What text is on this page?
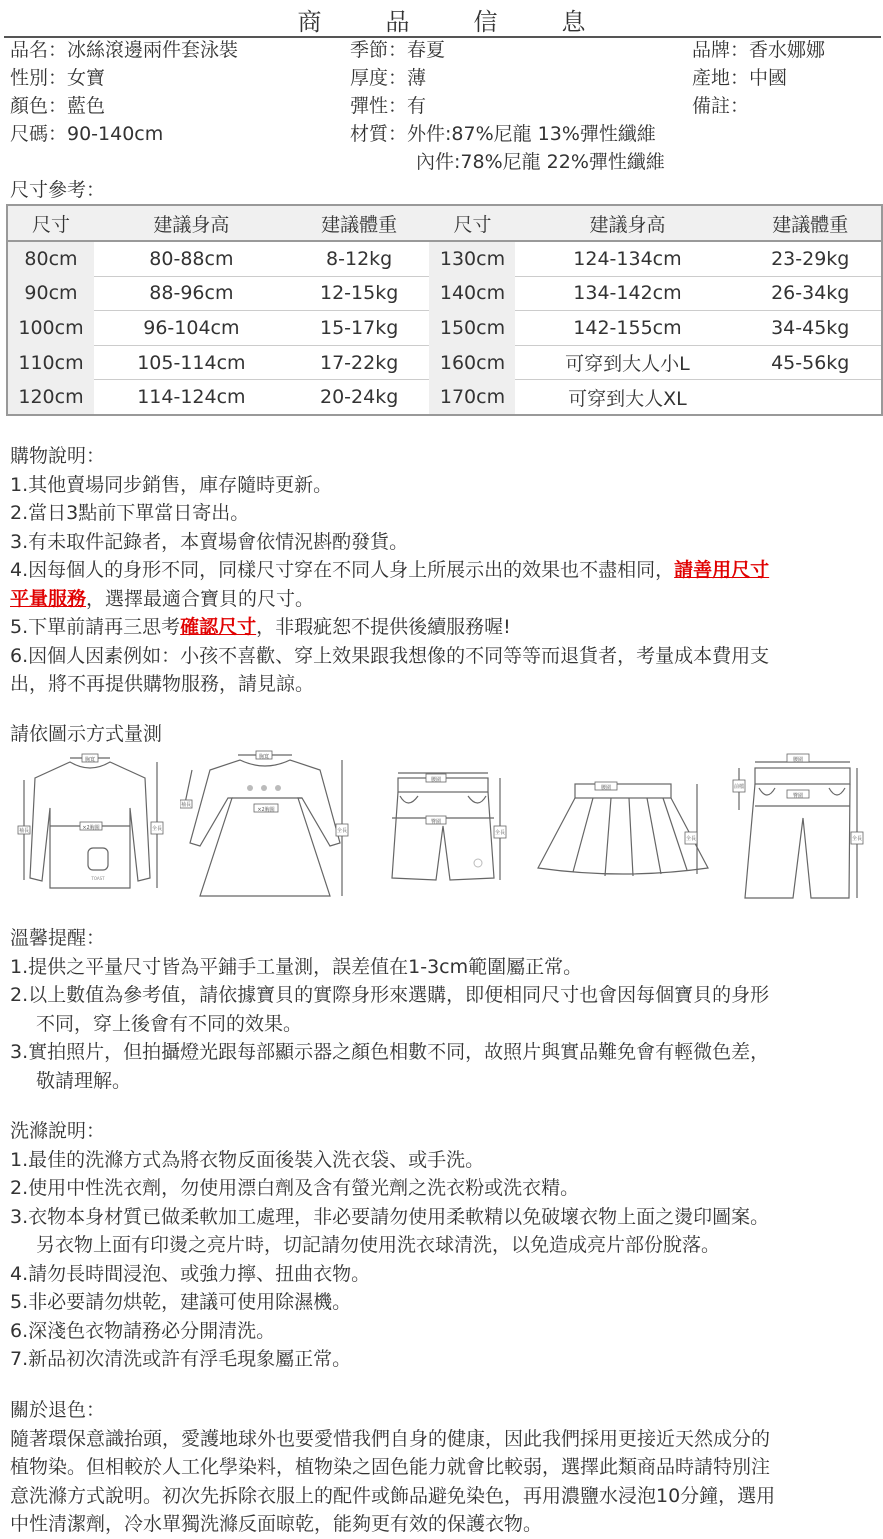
商品信息
品名：冰絲滾邊兩件套泳裝
性別：女寶
顏色：藍色
尺碼：90-140cm
季節：春夏
厚度：薄
彈性：有
材質：外件:87%尼龍 13%彈性纖維
內件:78%尼龍 22%彈性纖維
品牌：香水娜娜
產地：中國
備註：
尺寸參考：
尺寸	建議身高	建議體重	尺寸	建議身高	建議體重
80cm	80-88cm	8-12kg	130cm	124-134cm	23-29kg
90cm	88-96cm	12-15kg	140cm	134-142cm	26-34kg
100cm	96-104cm	15-17kg	150cm	142-155cm	34-45kg
110cm	105-114cm	17-22kg	160cm	可穿到大人小L	45-56kg
120cm	114-124cm	20-24kg	170cm	可穿到大人XL	
購物說明：
1.其他賣場同步銷售，庫存隨時更新。
2.當日3點前下單當日寄出。
3.有未取件記錄者，本賣場會依情況斟酌發貨。
4.因每個人的身形不同，同樣尺寸穿在不同人身上所展示出的效果也不盡相同，請善用尺寸
平量服務，選擇最適合寶貝的尺寸。
5.下單前請再三思考確認尺寸，非瑕疵恕不提供後續服務喔!
6.因個人因素例如：小孩不喜歡、穿上效果跟我想像的不同等等而退貨者，考量成本費用支
出，將不再提供購物服務，請見諒。
請依圖示方式量測
胸寬
×2胸圍
袖長	全長
TOAST
胸寬
×2胸圍
袖長
全長
腰圍
臀圍
全長
腰圍
全長
腰圍
臀圍
前檔
全長
溫馨提醒：
1.提供之平量尺寸皆為平鋪手工量測，誤差值在1-3cm範圍屬正常。
2.以上數值為參考值，請依據寶貝的實際身形來選購，即便相同尺寸也會因每個寶貝的身形
不同，穿上後會有不同的效果。
3.實拍照片，但拍攝燈光跟每部顯示器之顏色相數不同，故照片與實品難免會有輕微色差，
敬請理解。
洗滌說明：
1.最佳的洗滌方式為將衣物反面後裝入洗衣袋、或手洗。
2.使用中性洗衣劑，勿使用漂白劑及含有螢光劑之洗衣粉或洗衣精。
3.衣物本身材質已做柔軟加工處理，非必要請勿使用柔軟精以免破壞衣物上面之燙印圖案。
另衣物上面有印燙之亮片時，切記請勿使用洗衣球清洗，以免造成亮片部份脫落。
4.請勿長時間浸泡、或強力擰、扭曲衣物。
5.非必要請勿烘乾，建議可使用除濕機。
6.深淺色衣物請務必分開清洗。
7.新品初次清洗或許有浮毛現象屬正常。
關於退色：
隨著環保意識抬頭，愛護地球外也要愛惜我們自身的健康，因此我們採用更接近天然成分的
植物染。但相較於人工化學染料，植物染之固色能力就會比較弱，選擇此類商品時請特別注
意洗滌方式說明。初次先拆除衣服上的配件或飾品避免染色，再用濃鹽水浸泡10分鐘，選用
中性清潔劑，冷水單獨洗滌反面晾乾，能夠更有效的保護衣物。
